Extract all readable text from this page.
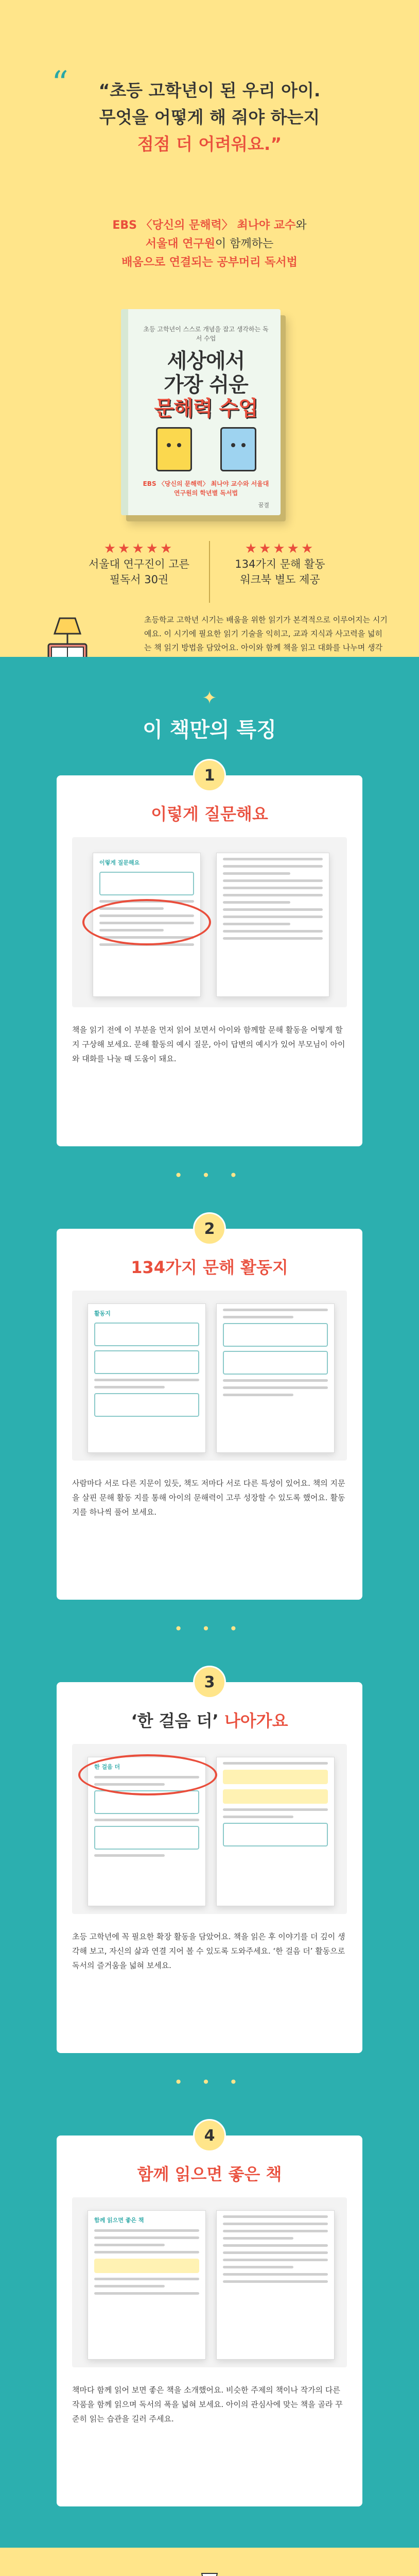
“	“초등 고학년이 된 우리 아이.
무엇을 어떻게 해 줘야 하는지
점점 더 어려워요.”
EBS 〈당신의 문해력〉 최나야 교수와
서울대 연구원이 함께하는
배움으로 연결되는 공부머리 독서법
초등 고학년이 스스로 개념을 잡고 생각하는 독서 수업
세상에서
가장 쉬운
문해력 수업
EBS 〈당신의 문해력〉 최나야 교수와 서울대 연구원의 학년별 독서법
꿈결
★★★★★
서울대 연구진이 고른
필독서 30권
★★★★★
134가지 문해 활동
워크북 별도 제공
초등학교 고학년 시기는 배움을 위한 읽기가 본격적으로 이루어지는 시기예요. 이 시기에 필요한 읽기 기술을 익히고, 교과 지식과 사고력을 넓히는 책 읽기 방법을 담았어요. 아이와 함께 책을 읽고 대화를 나누며 생각
✦
이 책만의 특징
1
이렇게 질문해요
이렇게 질문해요
책을 읽기 전에 이 부분을 먼저 읽어 보면서 아이와 함께할 문해 활동을 어떻게 할지 구상해 보세요. 문해 활동의 예시 질문, 아이 답변의 예시가 있어 부모님이 아이와 대화를 나눌 때 도움이 돼요.
• • •
2
134가지 문해 활동지
활동지
사람마다 서로 다른 지문이 있듯, 책도 저마다 서로 다른 특성이 있어요. 책의 지문을 살핀 문해 활동 지를 통해 아이의 문해력이 고루 성장할 수 있도록 했어요. 활동지를 하나씩 풀어 보세요.
• • •
3
‘한 걸음 더’ 나아가요
한 걸음 더
초등 고학년에 꼭 필요한 확장 활동을 담았어요. 책을 읽은 후 이야기를 더 깊이 생각해 보고, 자신의 삶과 연결 지어 볼 수 있도록 도와주세요. ‘한 걸음 더’ 활동으로 독서의 즐거움을 넓혀 보세요.
• • •
4
함께 읽으면 좋은 책
함께 읽으면 좋은 책
책마다 함께 읽어 보면 좋은 책을 소개했어요. 비슷한 주제의 책이나 작가의 다른 작품을 함께 읽으며 독서의 폭을 넓혀 보세요. 아이의 관심사에 맞는 책을 골라 꾸준히 읽는 습관을 길러 주세요.
